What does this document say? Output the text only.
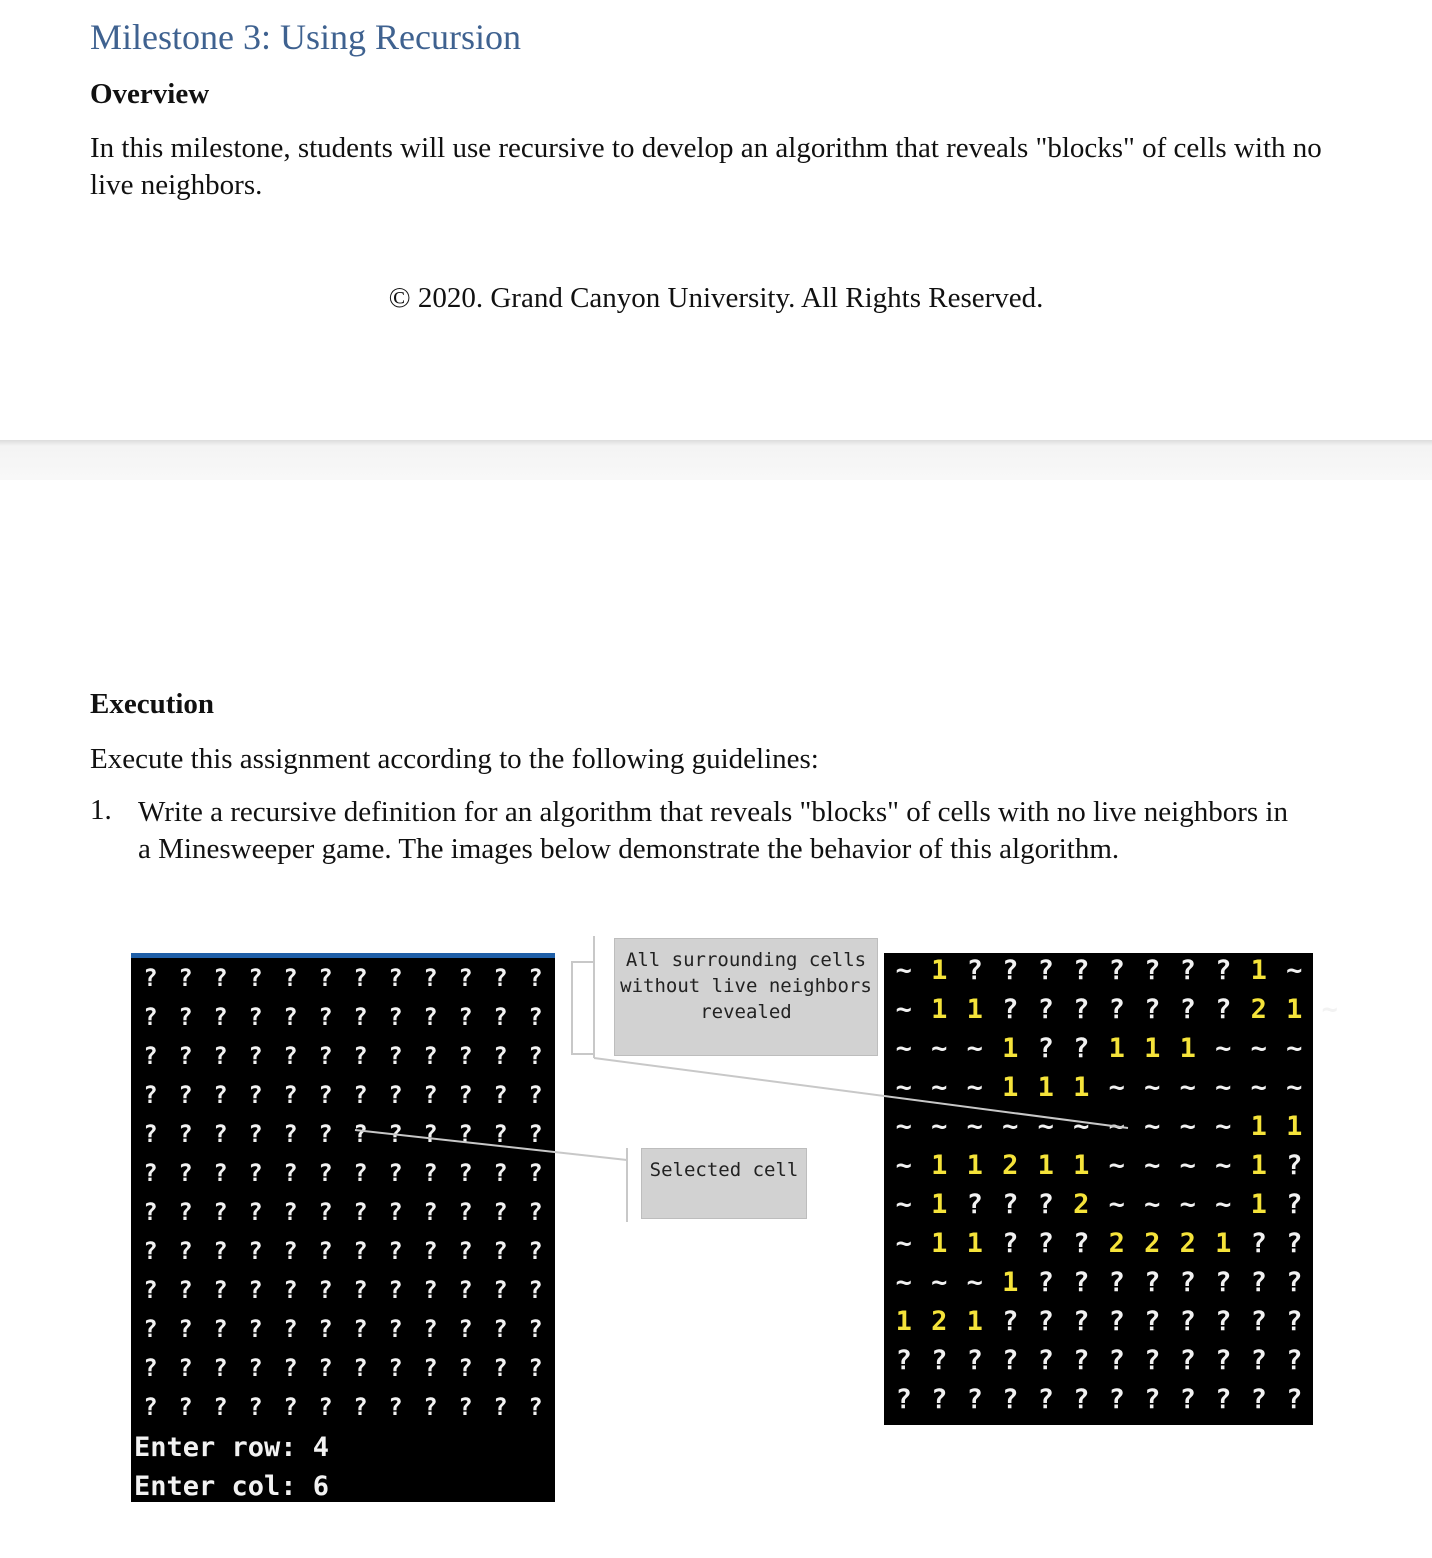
Milestone 3: Using Recursion
Overview
In this milestone, students will use recursive to develop an algorithm that reveals "blocks" of cells with no live neighbors.
© 2020. Grand Canyon University. All Rights Reserved.
Execution
Execute this assignment according to the following guidelines:
1. Write a recursive definition for an algorithm that reveals "blocks" of cells with no live neighbors in a Minesweeper game. The images below demonstrate the behavior of this algorithm.
? ? ? ? ? ? ? ? ? ? ? ?
? ? ? ? ? ? ? ? ? ? ? ?
? ? ? ? ? ? ? ? ? ? ? ?
? ? ? ? ? ? ? ? ? ? ? ?
? ? ? ? ? ? ? ? ? ? ? ?
? ? ? ? ? ? ? ? ? ? ? ?
? ? ? ? ? ? ? ? ? ? ? ?
? ? ? ? ? ? ? ? ? ? ? ?
? ? ? ? ? ? ? ? ? ? ? ?
? ? ? ? ? ? ? ? ? ? ? ?
? ? ? ? ? ? ? ? ? ? ? ?
? ? ? ? ? ? ? ? ? ? ? ?
Enter row: 4
Enter col: 6
~ 1 ? ? ? ? ? ? ? ? 1 ~
~ 1 1 ? ? ? ? ? ? ? 2 1 ~
~ ~ ~ 1 ? ? 1 1 1 ~ ~ ~
~ ~ ~ 1 1 1 ~ ~ ~ ~ ~ ~
~ ~ ~ ~ ~ ~ ~ ~ ~ ~ 1 1
~ 1 1 2 1 1 ~ ~ ~ ~ 1 ?
~ 1 ? ? ? 2 ~ ~ ~ ~ 1 ?
~ 1 1 ? ? ? 2 2 2 1 ? ?
~ ~ ~ 1 ? ? ? ? ? ? ? ?
1 2 1 ? ? ? ? ? ? ? ? ?
? ? ? ? ? ? ? ? ? ? ? ?
? ? ? ? ? ? ? ? ? ? ? ?
All surrounding cells without live neighbors revealed
Selected cell
